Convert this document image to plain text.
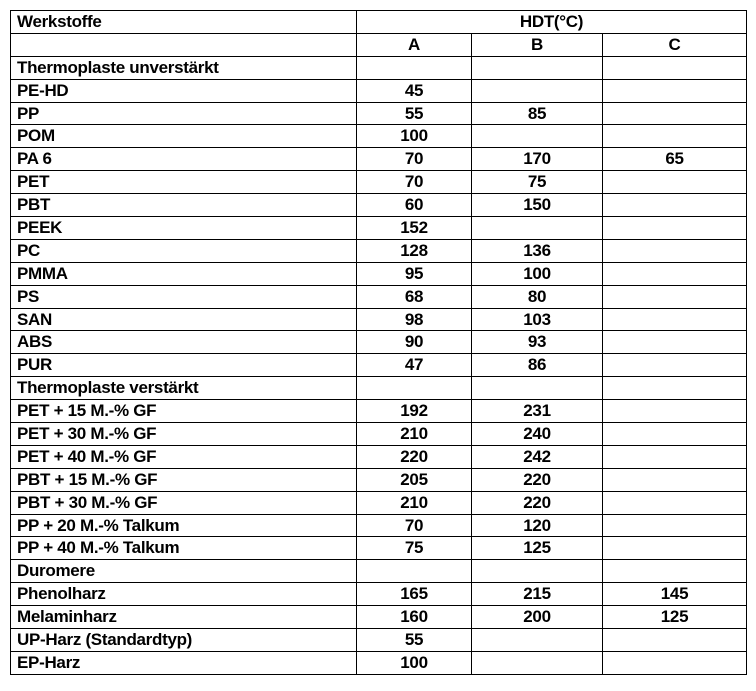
Werkstoffe	HDT(°C)		
	A	B	C
Thermoplaste unverstärkt			
PE-HD	45		
PP	55	85	
POM	100		
PA 6	70	170	65
PET	70	75	
PBT	60	150	
PEEK	152		
PC	128	136	
PMMA	95	100	
PS	68	80	
SAN	98	103	
ABS	90	93	
PUR	47	86	
Thermoplaste verstärkt			
PET + 15 M.-% GF	192	231	
PET + 30 M.-% GF	210	240	
PET + 40 M.-% GF	220	242	
PBT + 15 M.-% GF	205	220	
PBT + 30 M.-% GF	210	220	
PP + 20 M.-% Talkum	70	120	
PP + 40 M.-% Talkum	75	125	
Duromere			
Phenolharz	165	215	145
Melaminharz	160	200	125
UP-Harz (Standardtyp)	55		
EP-Harz	100		
